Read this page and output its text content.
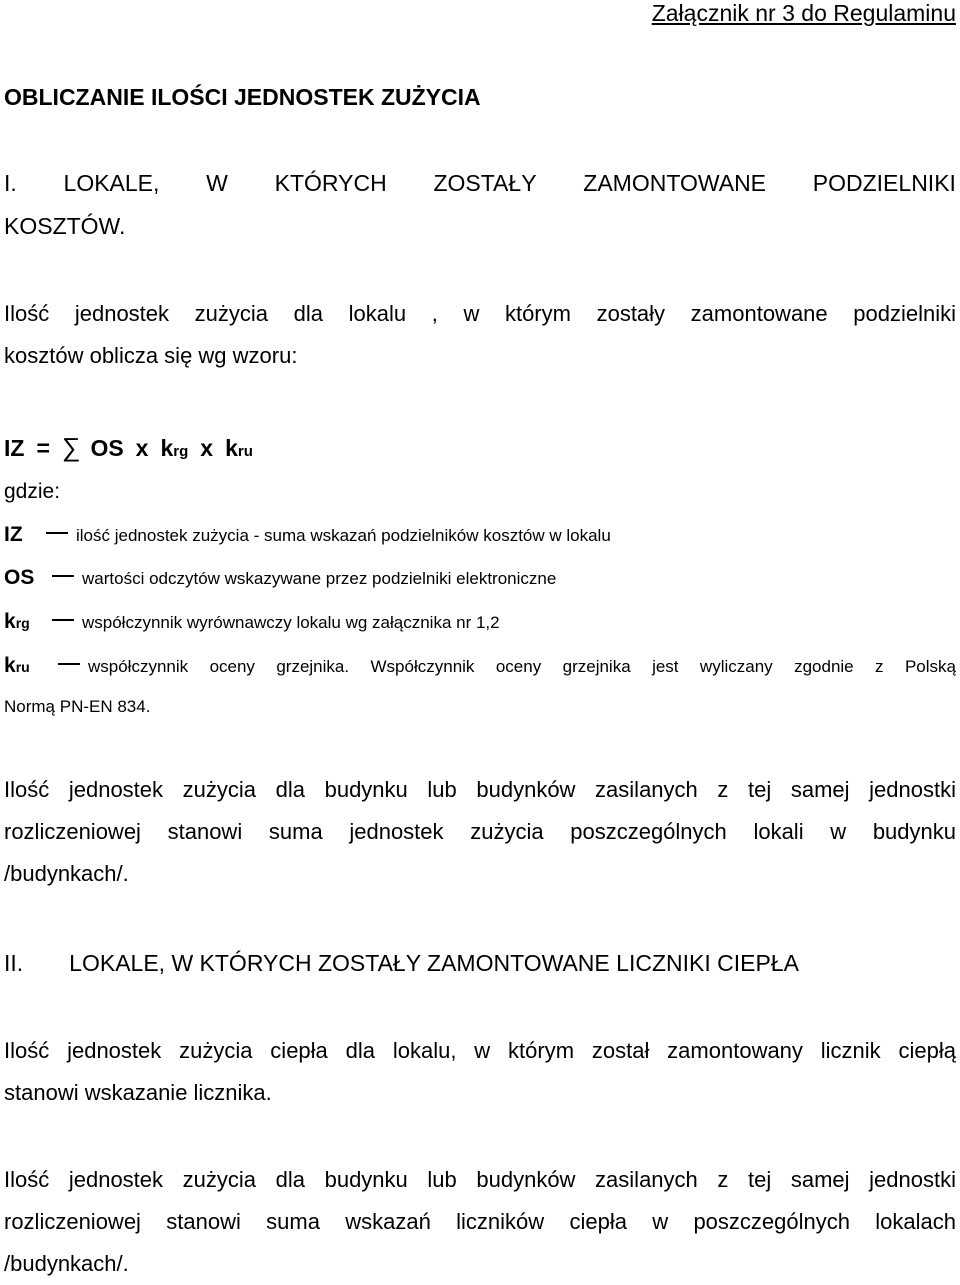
Załącznik nr 3 do Regulaminu
OBLICZANIE ILOŚCI JEDNOSTEK ZUŻYCIA
I. LOKALE, W KTÓRYCH ZOSTAŁY ZAMONTOWANE PODZIELNIKI
KOSZTÓW.
Ilość jednostek zużycia dla lokalu , w którym zostały zamontowane podzielniki
kosztów oblicza się wg wzoru:
IZ = ∑ OS x krg x kru
gdzie:
IZ	ilość jednostek zużycia - suma wskazań podzielników kosztów w lokalu
OS	wartości odczytów wskazywane przez podzielniki elektroniczne
krg	współczynnik wyrównawczy lokalu wg załącznika nr 1,2
kru	współczynnik oceny grzejnika. Współczynnik oceny grzejnika jest wyliczany zgodnie z Polską
Normą PN-EN 834.
Ilość jednostek zużycia dla budynku lub budynków zasilanych z tej samej jednostki
rozliczeniowej stanowi suma jednostek zużycia poszczególnych lokali w budynku
/budynkach/.
II. LOKALE, W KTÓRYCH ZOSTAŁY ZAMONTOWANE LICZNIKI CIEPŁA
Ilość jednostek zużycia ciepła dla lokalu, w którym został zamontowany licznik ciepłą
stanowi wskazanie licznika.
Ilość jednostek zużycia dla budynku lub budynków zasilanych z tej samej jednostki
rozliczeniowej stanowi suma wskazań liczników ciepła w poszczególnych lokalach
/budynkach/.
